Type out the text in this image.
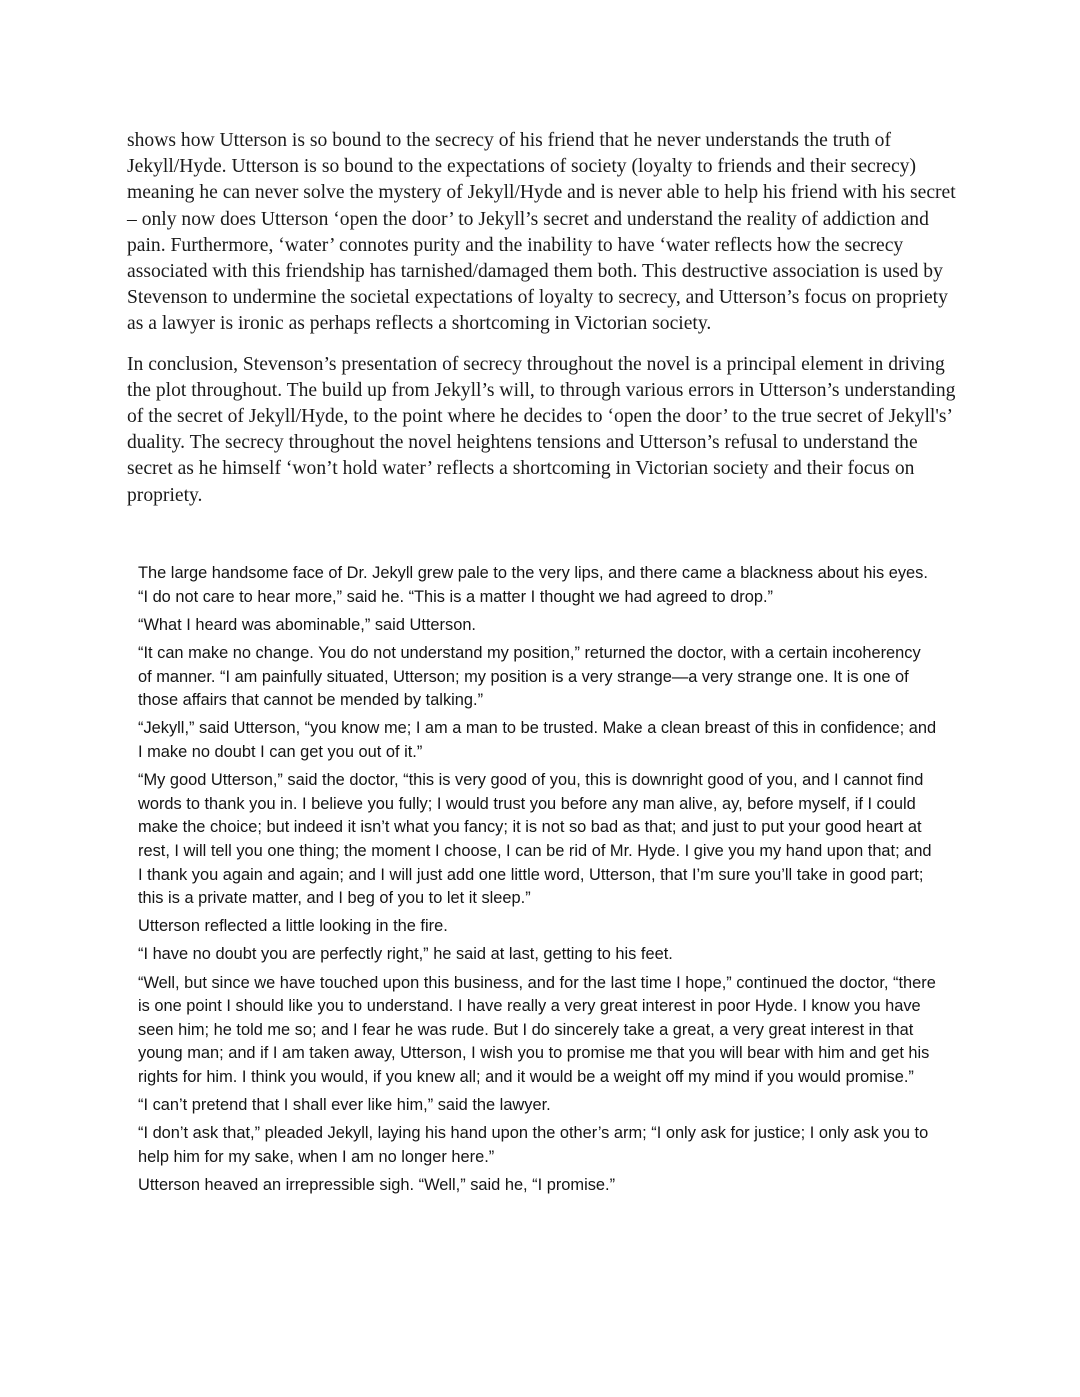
shows how Utterson is so bound to the secrecy of his friend that he never understands the truth of Jekyll/Hyde. Utterson is so bound to the expectations of society (loyalty to friends and their secrecy) meaning he can never solve the mystery of Jekyll/Hyde and is never able to help his friend with his secret – only now does Utterson ‘open the door’ to Jekyll’s secret and understand the reality of addiction and pain. Furthermore, ‘water’ connotes purity and the inability to have ‘water reflects how the secrecy associated with this friendship has tarnished/damaged them both. This destructive association is used by Stevenson to undermine the societal expectations of loyalty to secrecy, and Utterson’s focus on propriety as a lawyer is ironic as perhaps reflects a shortcoming in Victorian society.

In conclusion, Stevenson’s presentation of secrecy throughout the novel is a principal element in driving the plot throughout. The build up from Jekyll’s will, to through various errors in Utterson’s understanding of the secret of Jekyll/Hyde, to the point where he decides to ‘open the door’ to the true secret of Jekyll's’ duality. The secrecy throughout the novel heightens tensions and Utterson’s refusal to understand the secret as he himself ‘won’t hold water’ reflects a shortcoming in Victorian society and their focus on propriety.

The large handsome face of Dr. Jekyll grew pale to the very lips, and there came a blackness about his eyes. “I do not care to hear more,” said he. “This is a matter I thought we had agreed to drop.”

“What I heard was abominable,” said Utterson.

“It can make no change. You do not understand my position,” returned the doctor, with a certain incoherency of manner. “I am painfully situated, Utterson; my position is a very strange—a very strange one. It is one of those affairs that cannot be mended by talking.”

“Jekyll,” said Utterson, “you know me; I am a man to be trusted. Make a clean breast of this in confidence; and I make no doubt I can get you out of it.”

“My good Utterson,” said the doctor, “this is very good of you, this is downright good of you, and I cannot find words to thank you in. I believe you fully; I would trust you before any man alive, ay, before myself, if I could make the choice; but indeed it isn’t what you fancy; it is not so bad as that; and just to put your good heart at rest, I will tell you one thing; the moment I choose, I can be rid of Mr. Hyde. I give you my hand upon that; and I thank you again and again; and I will just add one little word, Utterson, that I’m sure you’ll take in good part; this is a private matter, and I beg of you to let it sleep.”

Utterson reflected a little looking in the fire.

“I have no doubt you are perfectly right,” he said at last, getting to his feet.

“Well, but since we have touched upon this business, and for the last time I hope,” continued the doctor, “there is one point I should like you to understand. I have really a very great interest in poor Hyde. I know you have seen him; he told me so; and I fear he was rude. But I do sincerely take a great, a very great interest in that young man; and if I am taken away, Utterson, I wish you to promise me that you will bear with him and get his rights for him. I think you would, if you knew all; and it would be a weight off my mind if you would promise.”

“I can’t pretend that I shall ever like him,” said the lawyer.

“I don’t ask that,” pleaded Jekyll, laying his hand upon the other’s arm; “I only ask for justice; I only ask you to help him for my sake, when I am no longer here.”

Utterson heaved an irrepressible sigh. “Well,” said he, “I promise.”
